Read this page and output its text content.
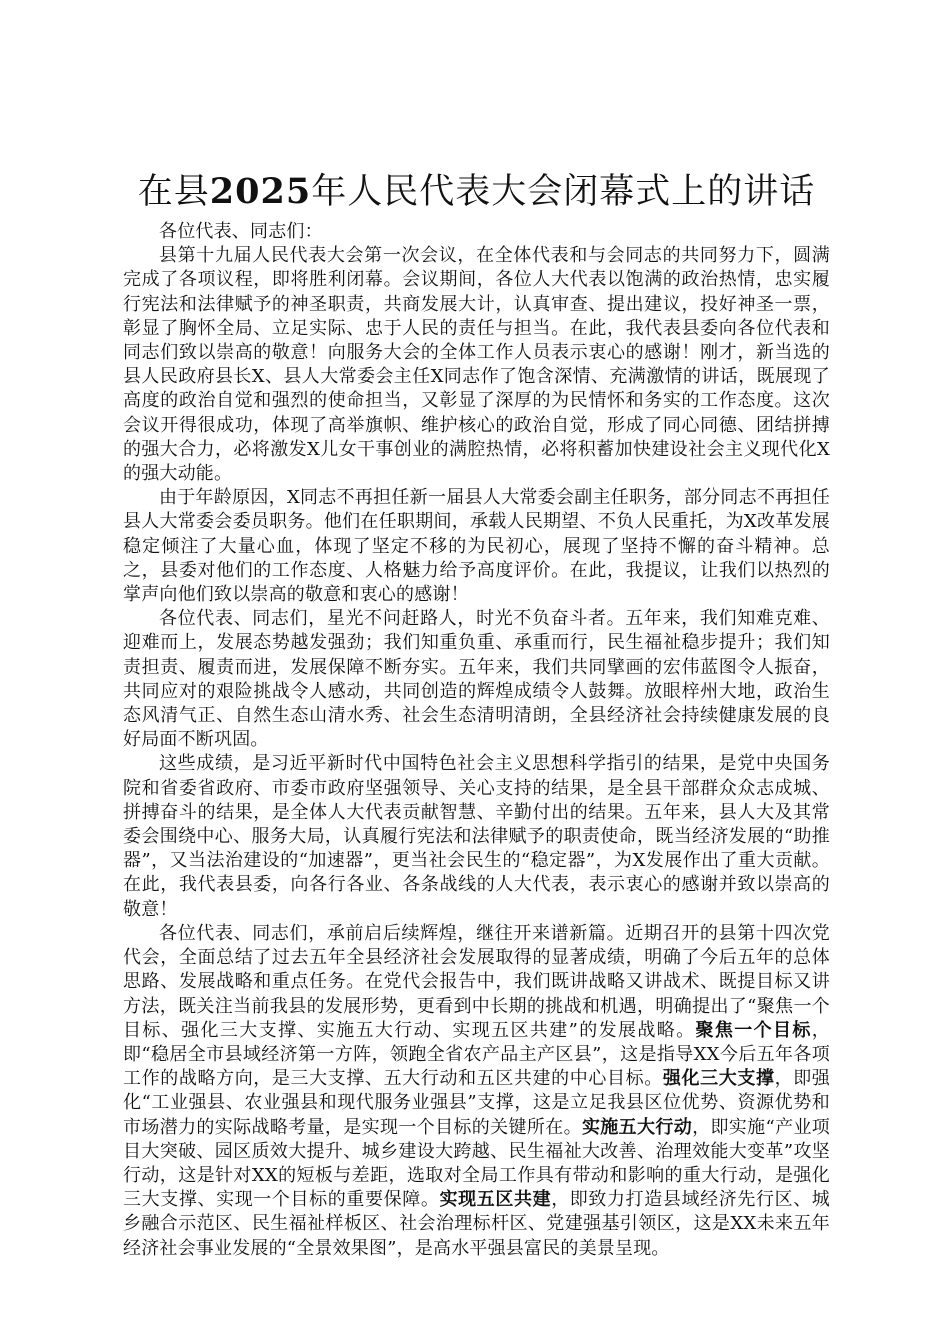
在县2025年人民代表大会闭幕式上的讲话

各位代表、同志们：

县第十九届人民代表大会第一次会议，在全体代表和与会同志的共同努力下，圆满完成了各项议程，即将胜利闭幕。会议期间，各位人大代表以饱满的政治热情，忠实履行宪法和法律赋予的神圣职责，共商发展大计，认真审查、提出建议，投好神圣一票，彰显了胸怀全局、立足实际、忠于人民的责任与担当。在此，我代表县委向各位代表和同志们致以崇高的敬意！向服务大会的全体工作人员表示衷心的感谢！刚才，新当选的县人民政府县长X、县人大常委会主任X同志作了饱含深情、充满激情的讲话，既展现了高度的政治自觉和强烈的使命担当，又彰显了深厚的为民情怀和务实的工作态度。这次会议开得很成功，体现了高举旗帜、维护核心的政治自觉，形成了同心同德、团结拼搏的强大合力，必将激发X儿女干事创业的满腔热情，必将积蓄加快建设社会主义现代化X的强大动能。

由于年龄原因，X同志不再担任新一届县人大常委会副主任职务，部分同志不再担任县人大常委会委员职务。他们在任职期间，承载人民期望、不负人民重托，为X改革发展稳定倾注了大量心血，体现了坚定不移的为民初心，展现了坚持不懈的奋斗精神。总之，县委对他们的工作态度、人格魅力给予高度评价。在此，我提议，让我们以热烈的掌声向他们致以崇高的敬意和衷心的感谢！

各位代表、同志们，星光不问赶路人，时光不负奋斗者。五年来，我们知难克难、迎难而上，发展态势越发强劲；我们知重负重、承重而行，民生福祉稳步提升；我们知责担责、履责而进，发展保障不断夯实。五年来，我们共同擘画的宏伟蓝图令人振奋，共同应对的艰险挑战令人感动，共同创造的辉煌成绩令人鼓舞。放眼梓州大地，政治生态风清气正、自然生态山清水秀、社会生态清明清朗，全县经济社会持续健康发展的良好局面不断巩固。

这些成绩，是习近平新时代中国特色社会主义思想科学指引的结果，是党中央国务院和省委省政府、市委市政府坚强领导、关心支持的结果，是全县干部群众众志成城、拼搏奋斗的结果，是全体人大代表贡献智慧、辛勤付出的结果。五年来，县人大及其常委会围绕中心、服务大局，认真履行宪法和法律赋予的职责使命，既当经济发展的“助推器”，又当法治建设的“加速器”，更当社会民生的“稳定器”，为X发展作出了重大贡献。在此，我代表县委，向各行各业、各条战线的人大代表，表示衷心的感谢并致以崇高的敬意！

各位代表、同志们，承前启后续辉煌，继往开来谱新篇。近期召开的县第十四次党代会，全面总结了过去五年全县经济社会发展取得的显著成绩，明确了今后五年的总体思路、发展战略和重点任务。在党代会报告中，我们既讲战略又讲战术、既提目标又讲方法，既关注当前我县的发展形势，更看到中长期的挑战和机遇，明确提出了“聚焦一个目标、强化三大支撑、实施五大行动、实现五区共建”的发展战略。聚焦一个目标，即“稳居全市县域经济第一方阵，领跑全省农产品主产区县”，这是指导XX今后五年各项工作的战略方向，是三大支撑、五大行动和五区共建的中心目标。强化三大支撑，即强化“工业强县、农业强县和现代服务业强县”支撑，这是立足我县区位优势、资源优势和市场潜力的实际战略考量，是实现一个目标的关键所在。实施五大行动，即实施“产业项目大突破、园区质效大提升、城乡建设大跨越、民生福祉大改善、治理效能大变革”攻坚行动，这是针对XX的短板与差距，选取对全局工作具有带动和影响的重大行动，是强化三大支撑、实现一个目标的重要保障。实现五区共建，即致力打造县域经济先行区、城乡融合示范区、民生福祉样板区、社会治理标杆区、党建强基引领区，这是XX未来五年经济社会事业发展的“全景效果图”，是高水平强县富民的美景呈现。
